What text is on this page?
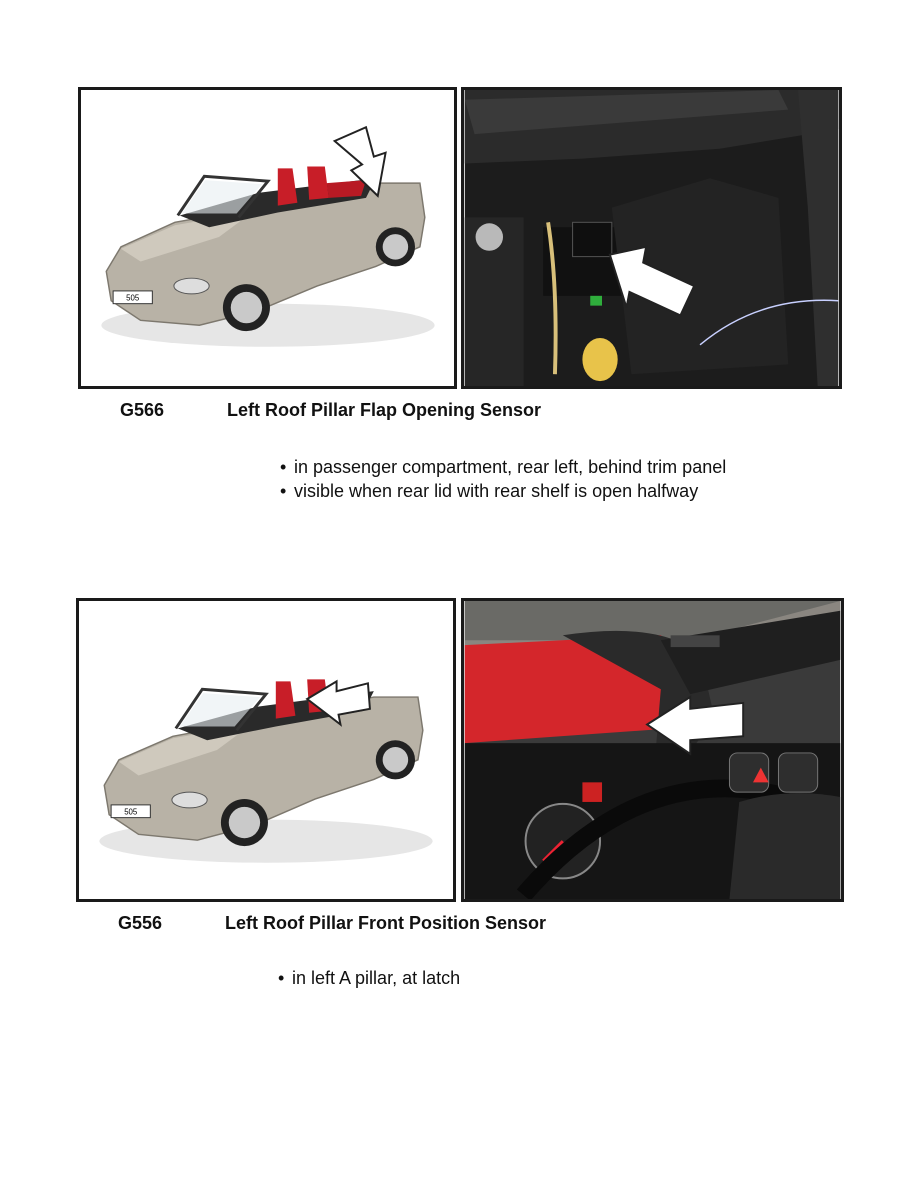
505
G566	Left Roof Pillar Flap Opening Sensor
• in passenger compartment, rear left, behind trim panel
• visible when rear lid with rear shelf is open halfway
505
G556	Left Roof Pillar Front Position Sensor
• in left A pillar, at latch
